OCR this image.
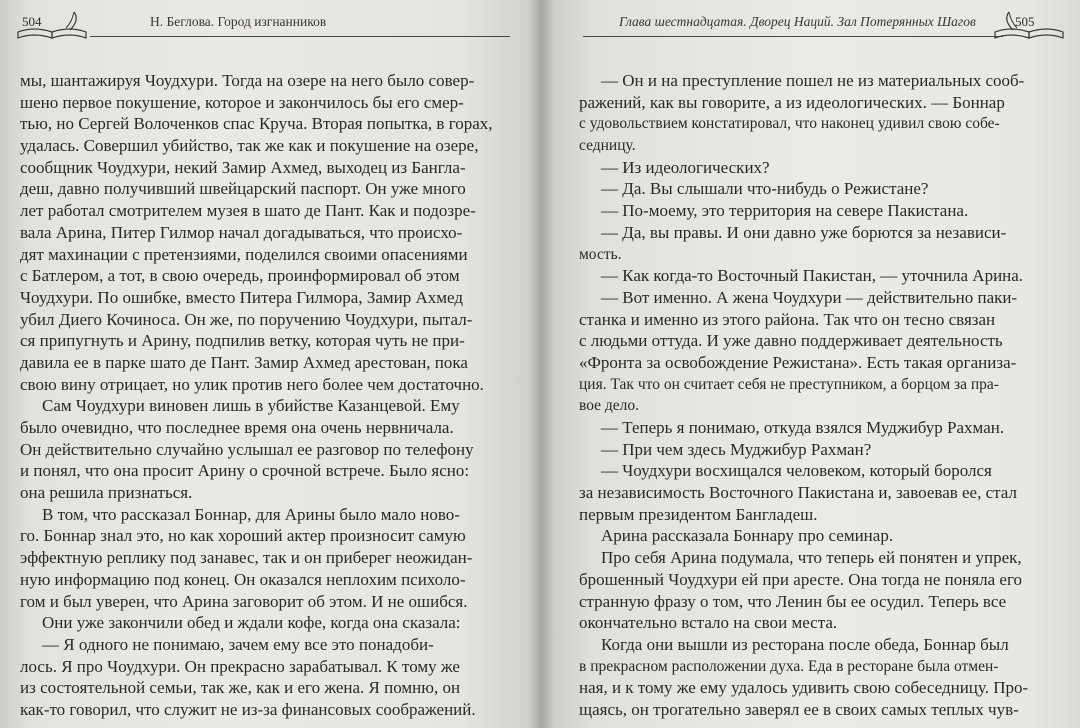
504	Н. Беглова. Город изгнанников
мы, шантажируя Чоудхури. Тогда на озере на него было совер-
шено первое покушение, которое и закончилось бы его смер-
тью, но Сергей Волоченков спас Круча. Вторая попытка, в горах,
удалась. Совершил убийство, так же как и покушение на озере,
сообщник Чоудхури, некий Замир Ахмед, выходец из Бангла-
деш, давно получивший швейцарский паспорт. Он уже много
лет работал смотрителем музея в шато де Пант. Как и подозре-
вала Арина, Питер Гилмор начал догадываться, что происхо-
дят махинации с претензиями, поделился своими опасениями
с Батлером, а тот, в свою очередь, проинформировал об этом
Чоудхури. По ошибке, вместо Питера Гилмора, Замир Ахмед
убил Диего Кочиноса. Он же, по поручению Чоудхури, пытал-
ся припугнуть и Арину, подпилив ветку, которая чуть не при-
давила ее в парке шато де Пант. Замир Ахмед арестован, пока
свою вину отрицает, но улик против него более чем достаточно.
Сам Чоудхури виновен лишь в убийстве Казанцевой. Ему
было очевидно, что последнее время она очень нервничала.
Он действительно случайно услышал ее разговор по телефону
и понял, что она просит Арину о срочной встрече. Было ясно:
она решила признаться.
В том, что рассказал Боннар, для Арины было мало ново-
го. Боннар знал это, но как хороший актер произносит самую
эффектную реплику под занавес, так и он приберег неожидан-
ную информацию под конец. Он оказался неплохим психоло-
гом и был уверен, что Арина заговорит об этом. И не ошибся.
Они уже закончили обед и ждали кофе, когда она сказала:
— Я одного не понимаю, зачем ему все это понадоби-
лось. Я про Чоудхури. Он прекрасно зарабатывал. К тому же
из состоятельной семьи, так же, как и его жена. Я помню, он
как-то говорил, что служит не из-за финансовых соображений.
Глава шестнадцатая. Дворец Наций. Зал Потерянных Шагов	505
— Он и на преступление пошел не из материальных сооб-
ражений, как вы говорите, а из идеологических. — Боннар
с удовольствием констатировал, что наконец удивил свою собе-
седницу.
— Из идеологических?
— Да. Вы слышали что-нибудь о Режистане?
— По-моему, это территория на севере Пакистана.
— Да, вы правы. И они давно уже борются за независи-
мость.
— Как когда-то Восточный Пакистан, — уточнила Арина.
— Вот именно. А жена Чоудхури — действительно паки-
станка и именно из этого района. Так что он тесно связан
с людьми оттуда. И уже давно поддерживает деятельность
«Фронта за освобождение Режистана». Есть такая организа-
ция. Так что он считает себя не преступником, а борцом за пра-
вое дело.
— Теперь я понимаю, откуда взялся Муджибур Рахман.
— При чем здесь Муджибур Рахман?
— Чоудхури восхищался человеком, который боролся
за независимость Восточного Пакистана и, завоевав ее, стал
первым президентом Бангладеш.
Арина рассказала Боннару про семинар.
Про себя Арина подумала, что теперь ей понятен и упрек,
брошенный Чоудхури ей при аресте. Она тогда не поняла его
странную фразу о том, что Ленин бы ее осудил. Теперь все
окончательно встало на свои места.
Когда они вышли из ресторана после обеда, Боннар был
в прекрасном расположении духа. Еда в ресторане была отмен-
ная, и к тому же ему удалось удивить свою собеседницу. Про-
щаясь, он трогательно заверял ее в своих самых теплых чув-
